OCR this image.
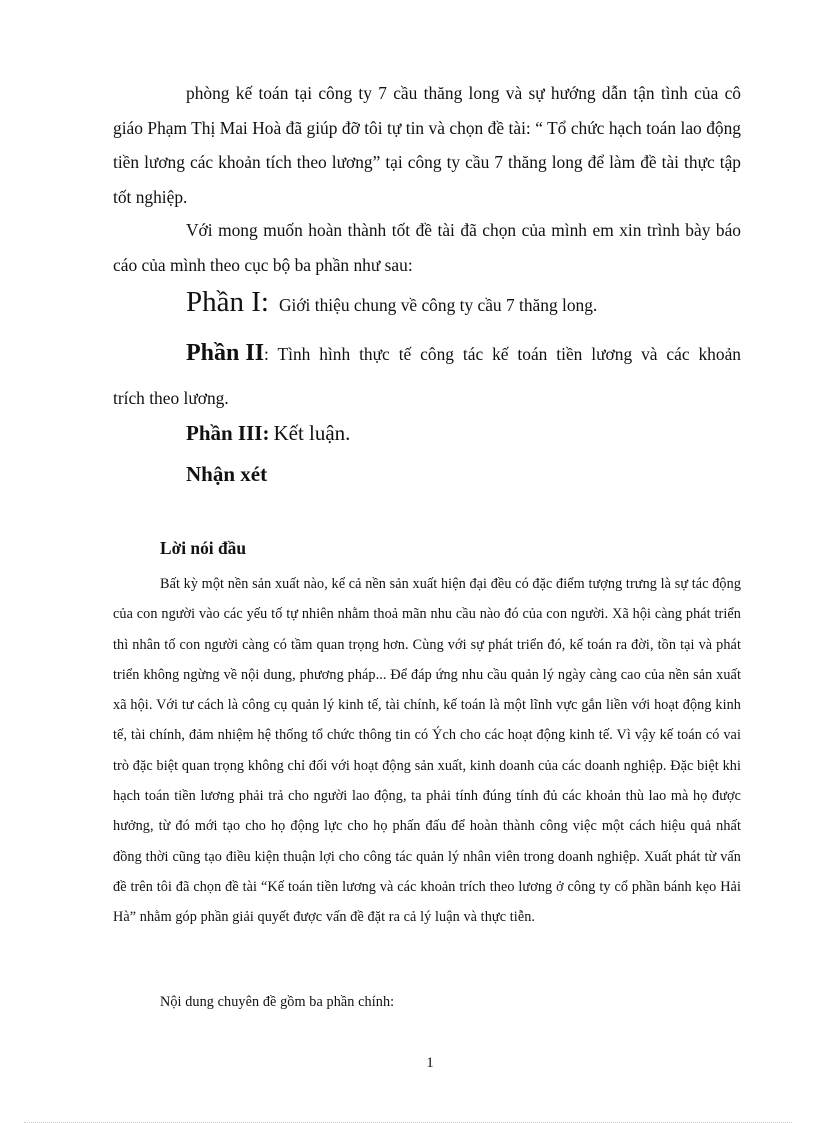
phòng kế toán tại công ty 7 cầu thăng long và sự hướng dẫn tận tình của cô giáo Phạm Thị Mai Hoà đã giúp đỡ tôi tự tin và chọn đề tài: “ Tổ chức hạch toán lao động tiền lương các khoản tích theo lương” tại công ty cầu 7 thăng long để làm đề tài thực tập tốt nghiệp.

Với mong muốn hoàn thành tốt đề tài đã chọn của mình em xin trình bày báo cáo của mình theo cục bộ ba phần như sau:

Phần I: Giới thiệu chung về công ty cầu 7 thăng long.
Phần II : Tình hình thực tế công tác kế toán tiền lương và các khoản

trích theo lương.

Phần III: Kết luận.
Nhận xét

Lời nói đầu

Bất kỳ một nền sản xuất nào, kể cả nền sản xuất hiện đại đều có đặc điểm tượng trưng là sự tác động của con người vào các yếu tố tự nhiên nhằm thoả mãn nhu cầu nào đó của con người. Xã hội càng phát triển thì nhân tố con người càng có tầm quan trọng hơn. Cùng với sự phát triển đó, kế toán ra đời, tồn tại và phát triển không ngừng về nội dung, phương pháp... Để đáp ứng nhu cầu quản lý ngày càng cao của nền sản xuất xã hội. Với tư cách là công cụ quản lý kinh tế, tài chính, kế toán là một lĩnh vực gắn liền với hoạt động kinh tế, tài chính, đảm nhiệm hệ thống tổ chức thông tin có Ých cho các hoạt động kinh tế. Vì vậy kế toán có vai trò đặc biệt quan trọng không chỉ đối với hoạt động sản xuất, kinh doanh của các doanh nghiệp. Đặc biệt khi hạch toán tiền lương phải trả cho người lao động, ta phải tính đúng tính đủ các khoản thù lao mà họ được hưởng, từ đó mới tạo cho họ động lực cho họ phấn đấu để hoàn thành công việc một cách hiệu quả nhất đồng thời cũng tạo điều kiện thuận lợi cho công tác quản lý nhân viên trong doanh nghiệp. Xuất phát từ vấn đề trên tôi đã chọn đề tài “Kế toán tiền lương và các khoản trích theo lương ở công ty cổ phần bánh kẹo Hải Hà” nhằm góp phần giải quyết được vấn đề đặt ra cả lý luận và thực tiễn.

Nội dung chuyên đề gồm ba phần chính:

1
